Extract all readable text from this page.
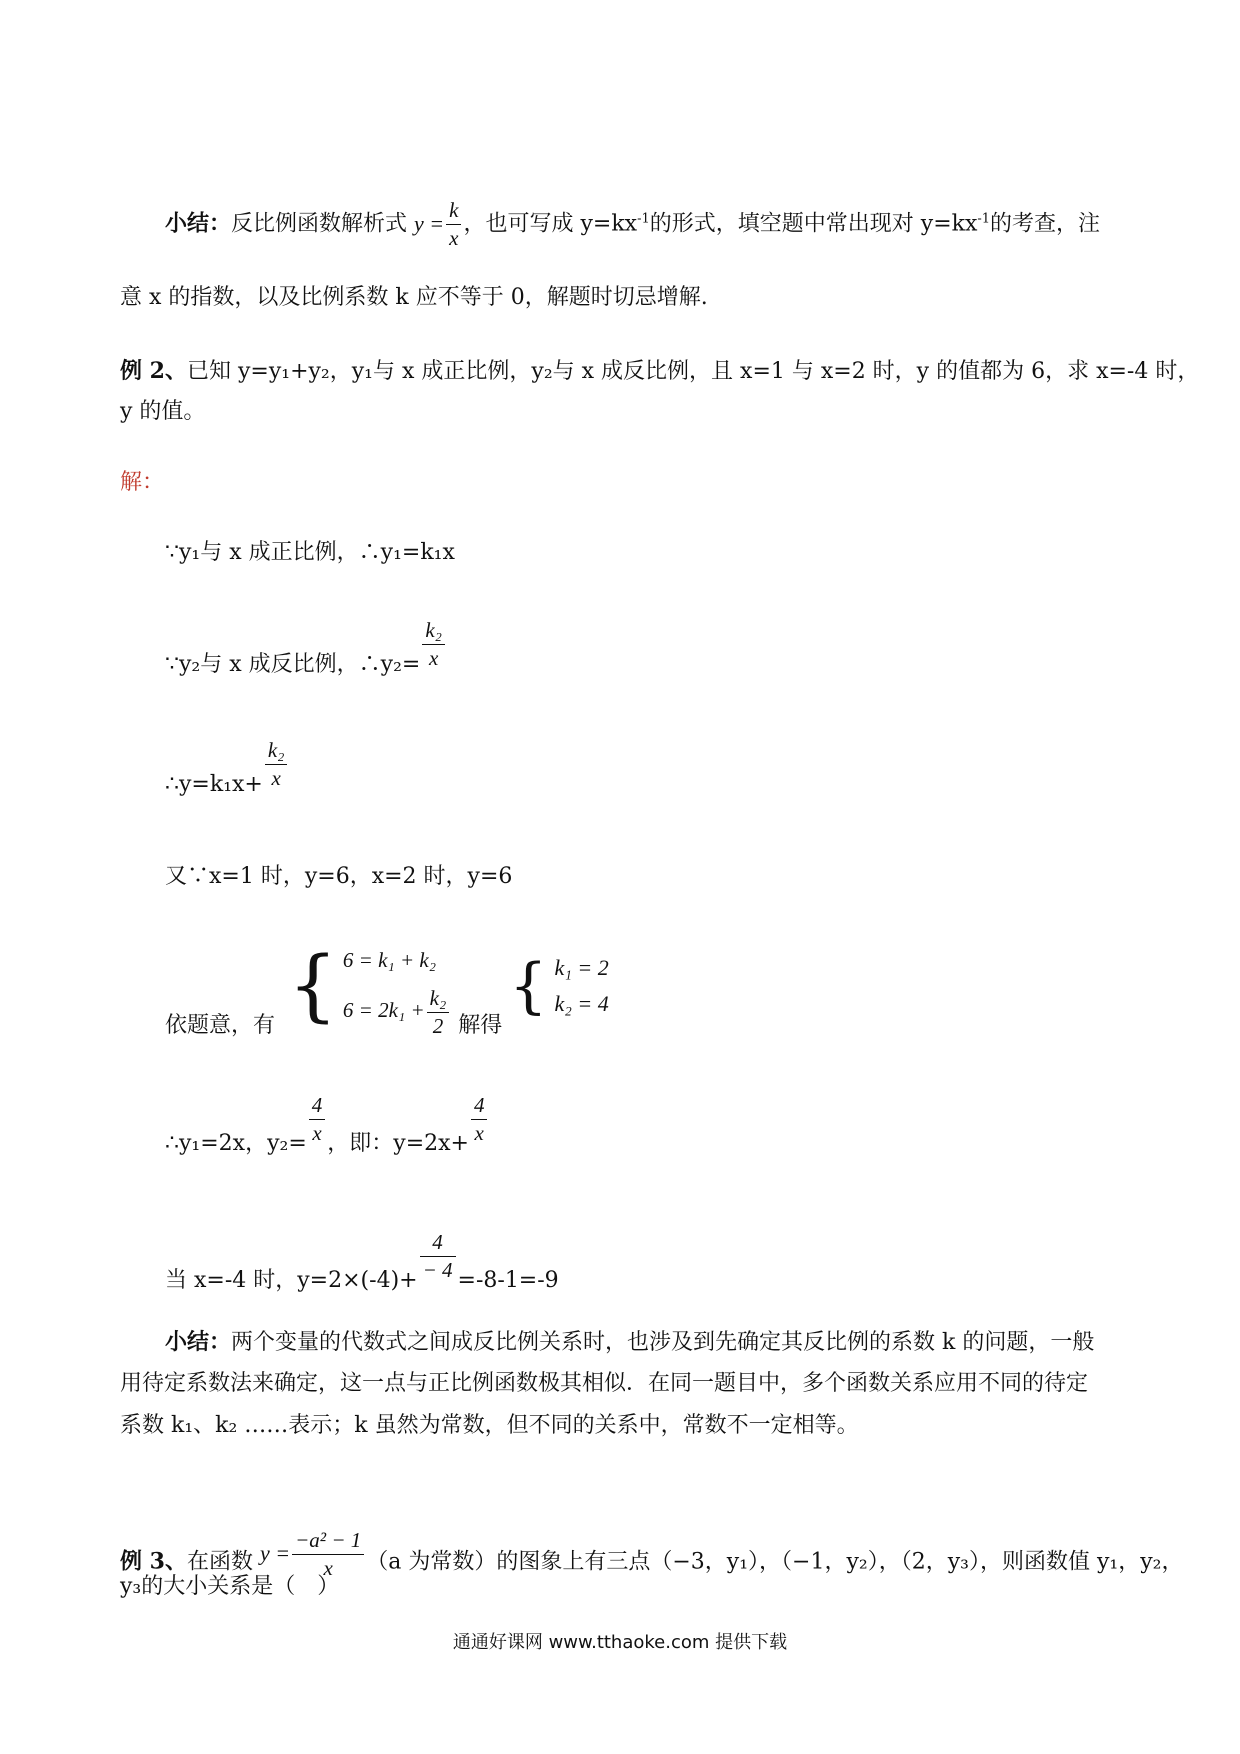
小结：反比例函数解析式 $y = \frac{k}{x}$ ，也可写成 $y=kx^{-1}$的形式，填空题中常出现对 $y=kx^{-1}$的考查，注
意 x 的指数，以及比例系数 k 应不等于 0，解题时切忌增解.
例 2、已知 y=y₁+y₂，y₁与 x 成正比例，y₂与 x 成反比例，且 x=1 与 x=2 时，y 的值都为 6，求 x=-4 时，
y 的值。
解：
∵y₁与 x 成正比例，∴y₁=k₁x
∵y₂与 x 成反比例，∴y₂= $\frac{\text{k₂}}{x}$
∴y=k₁x+ $\frac{\text{k₂}}{x}$
又∵x=1 时，y=6，x=2 时，y=6
依题意，有 { 6 = k₁ + k₂
$6 = 2k_1 + \frac{\text{k₂}}{2}$ 解得 { k₁ = 2
k₂ = 4
∴y₁=2x，$y_2= \frac{4}{x}$ ，即：$y=2x+ \frac{4}{x}$
当 x=-4 时，$y=2\times(-4)+ \frac{4}{- 4} =-8-1=-9$
小结：两个变量的代数式之间成反比例关系时，也涉及到先确定其反比例的系数 k 的问题，一般
用待定系数法来确定，这一点与正比例函数极其相似．在同一题目中，多个函数关系应用不同的待定
系数 k₁、k₂ ……表示；k 虽然为常数，但不同的关系中，常数不一定相等。
例 3、在函数 $y = \frac{\text{−a² − 1}}{x} (a$ 为常数）的图象上有三点（−3，y₁），（−1，y₂），（2，y₃），则函数值 y₁，y₂，
y₃的大小关系是（　）
通通好课网 www.tthaoke.com 提供下载
